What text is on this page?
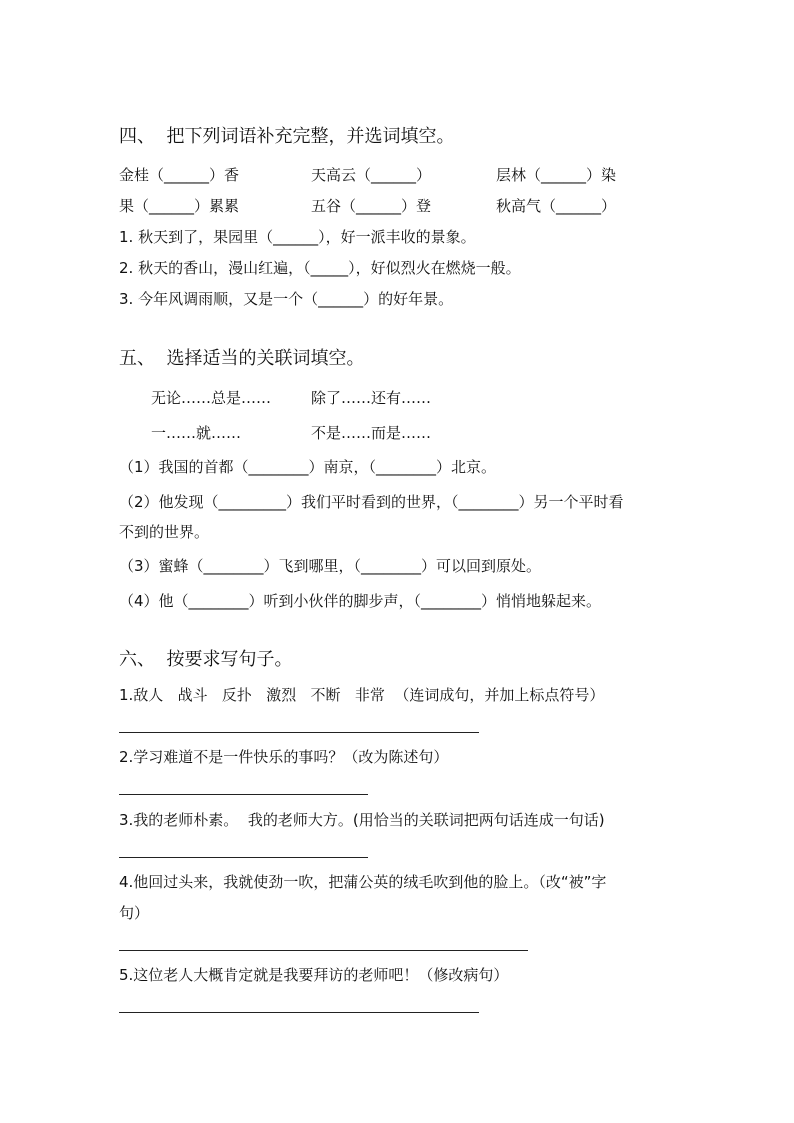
四、  把下列词语补充完整，并选词填空。
金桂（______）香	天高云（______）	层林（______）染
果（______）累累	五谷（______）登	秋高气（______）
1. 秋天到了，果园里（______），好一派丰收的景象。
2. 秋天的香山，漫山红遍，（_____），好似烈火在燃烧一般。
3. 今年风调雨顺，又是一个（______）的好年景。
五、  选择适当的关联词填空。
无论……总是……	除了……还有……
一……就……	不是……而是……
（1）我国的首都（________）南京，（________）北京。
（2）他发现（_________）我们平时看到的世界，（________）另一个平时看
不到的世界。
（3）蜜蜂（________）飞到哪里，（________）可以回到原处。
（4）他（________）听到小伙伴的脚步声，（________）悄悄地躲起来。
六、  按要求写句子。
1.敌人   战斗   反扑   激烈   不断   非常  （连词成句，并加上标点符号）
2.学习难道不是一件快乐的事吗？（改为陈述句）
3.我的老师朴素。  我的老师大方。(用恰当的关联词把两句话连成一句话)
4.他回过头来，我就使劲一吹，把蒲公英的绒毛吹到他的脸上。（改“被”字
句）
5.这位老人大概肯定就是我要拜访的老师吧！（修改病句）
